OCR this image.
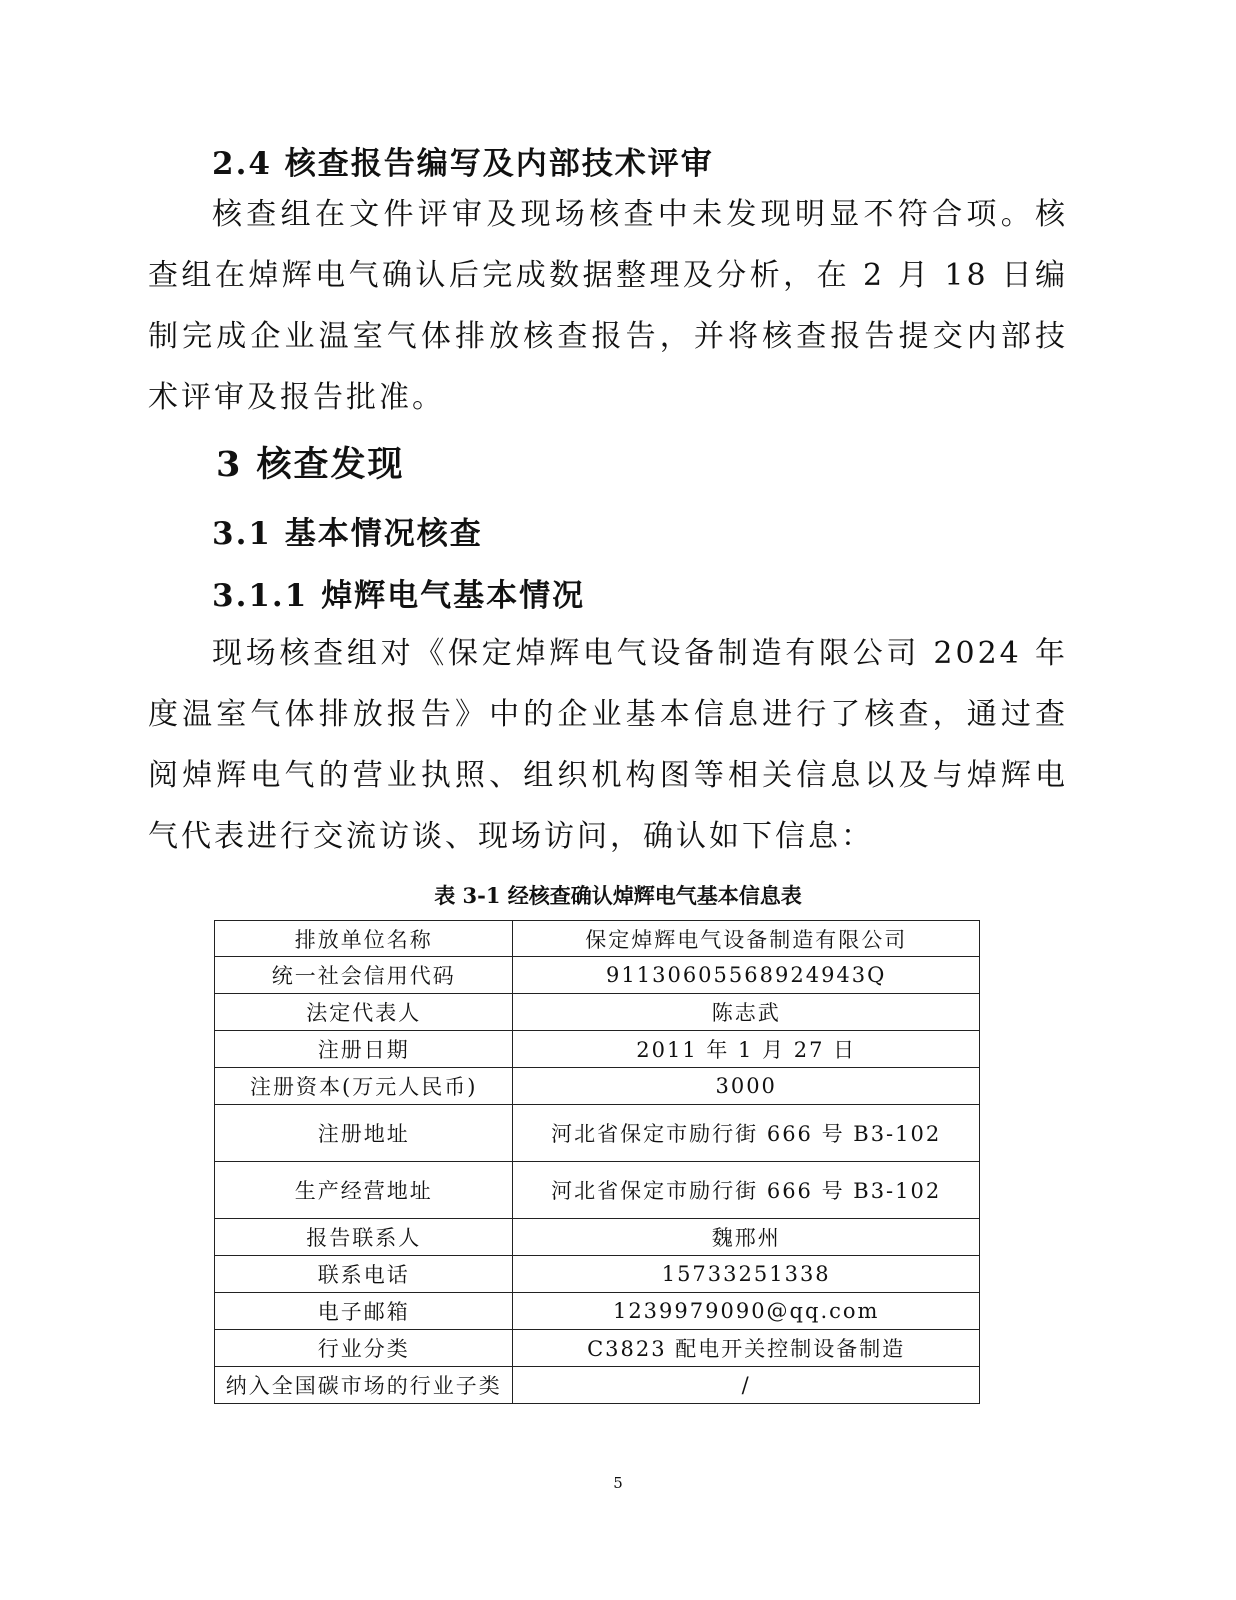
2.4 核查报告编写及内部技术评审
核查组在文件评审及现场核查中未发现明显不符合项。核查组在焯辉电气确认后完成数据整理及分析，在 2 月 18 日编制完成企业温室气体排放核查报告，并将核查报告提交内部技术评审及报告批准。
3 核查发现
3.1 基本情况核查
3.1.1 焯辉电气基本情况
现场核查组对《保定焯辉电气设备制造有限公司 2024 年度温室气体排放报告》中的企业基本信息进行了核查，通过查阅焯辉电气的营业执照、组织机构图等相关信息以及与焯辉电气代表进行交流访谈、现场访问，确认如下信息：
表 3-1 经核查确认焯辉电气基本信息表
排放单位名称	保定焯辉电气设备制造有限公司
统一社会信用代码	91130605568924943Q
法定代表人	陈志武
注册日期	2011 年 1 月 27 日
注册资本(万元人民币)	3000
注册地址	河北省保定市励行街 666 号 B3-102
生产经营地址	河北省保定市励行街 666 号 B3-102
报告联系人	魏邢州
联系电话	15733251338
电子邮箱	1239979090@qq.com
行业分类	C3823 配电开关控制设备制造
纳入全国碳市场的行业子类	/
5
